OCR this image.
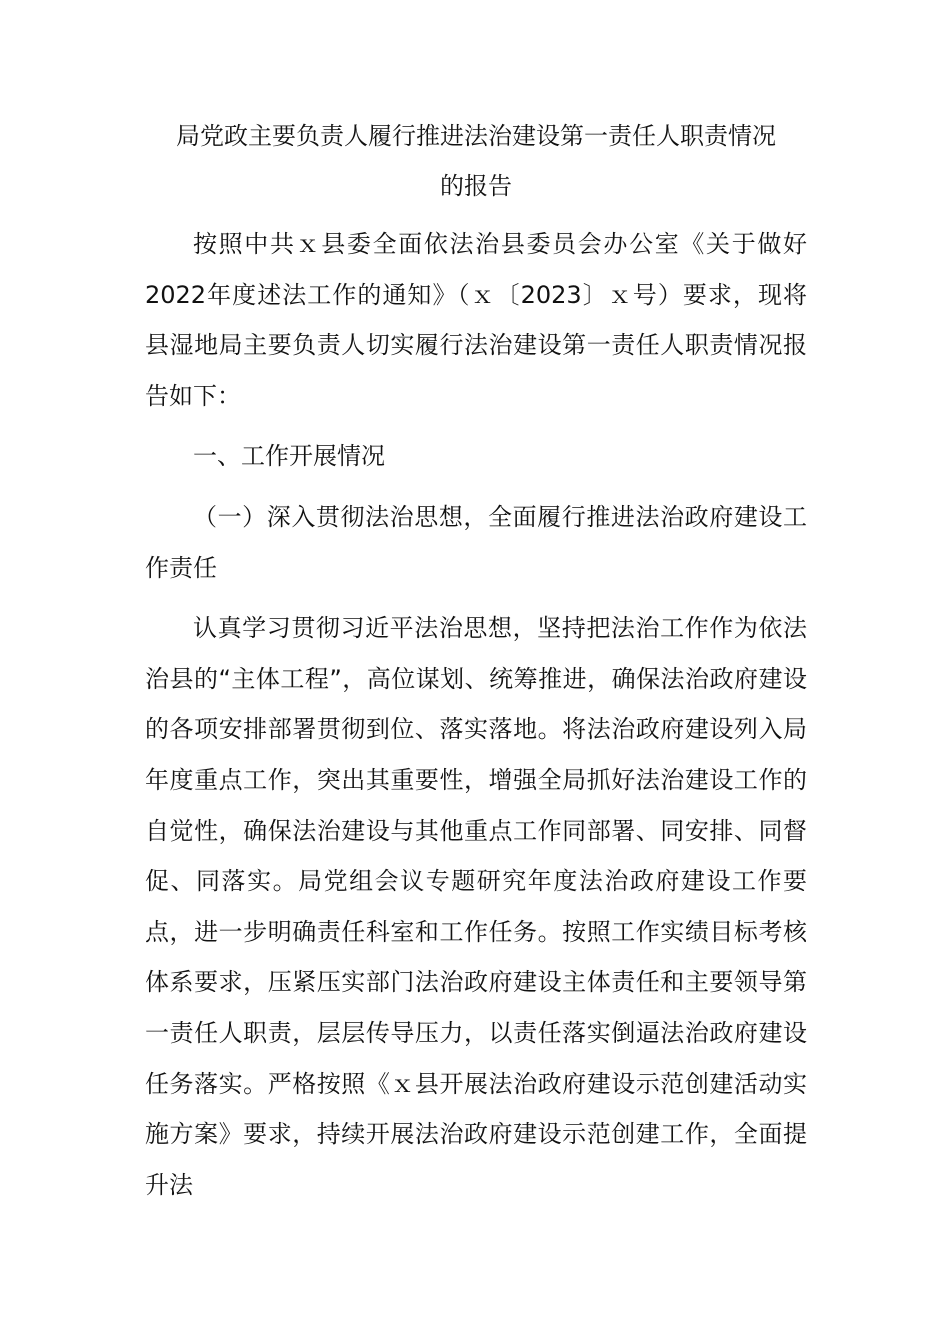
局党政主要负责人履行推进法治建设第一责任人职责情况

的报告

按照中共ｘ县委全面依法治县委员会办公室《关于做好2022年度述法工作的通知》（ｘ〔2023〕ｘ号）要求，现将县湿地局主要负责人切实履行法治建设第一责任人职责情况报告如下：

一、工作开展情况

（一）深入贯彻法治思想，全面履行推进法治政府建设工作责任

认真学习贯彻习近平法治思想，坚持把法治工作作为依法治县的“主体工程”，高位谋划、统筹推进，确保法治政府建设的各项安排部署贯彻到位、落实落地。将法治政府建设列入局年度重点工作，突出其重要性，增强全局抓好法治建设工作的自觉性，确保法治建设与其他重点工作同部署、同安排、同督促、同落实。局党组会议专题研究年度法治政府建设工作要点，进一步明确责任科室和工作任务。按照工作实绩目标考核体系要求，压紧压实部门法治政府建设主体责任和主要领导第一责任人职责，层层传导压力，以责任落实倒逼法治政府建设任务落实。严格按照《ｘ县开展法治政府建设示范创建活动实施方案》要求，持续开展法治政府建设示范创建工作，全面提升法
